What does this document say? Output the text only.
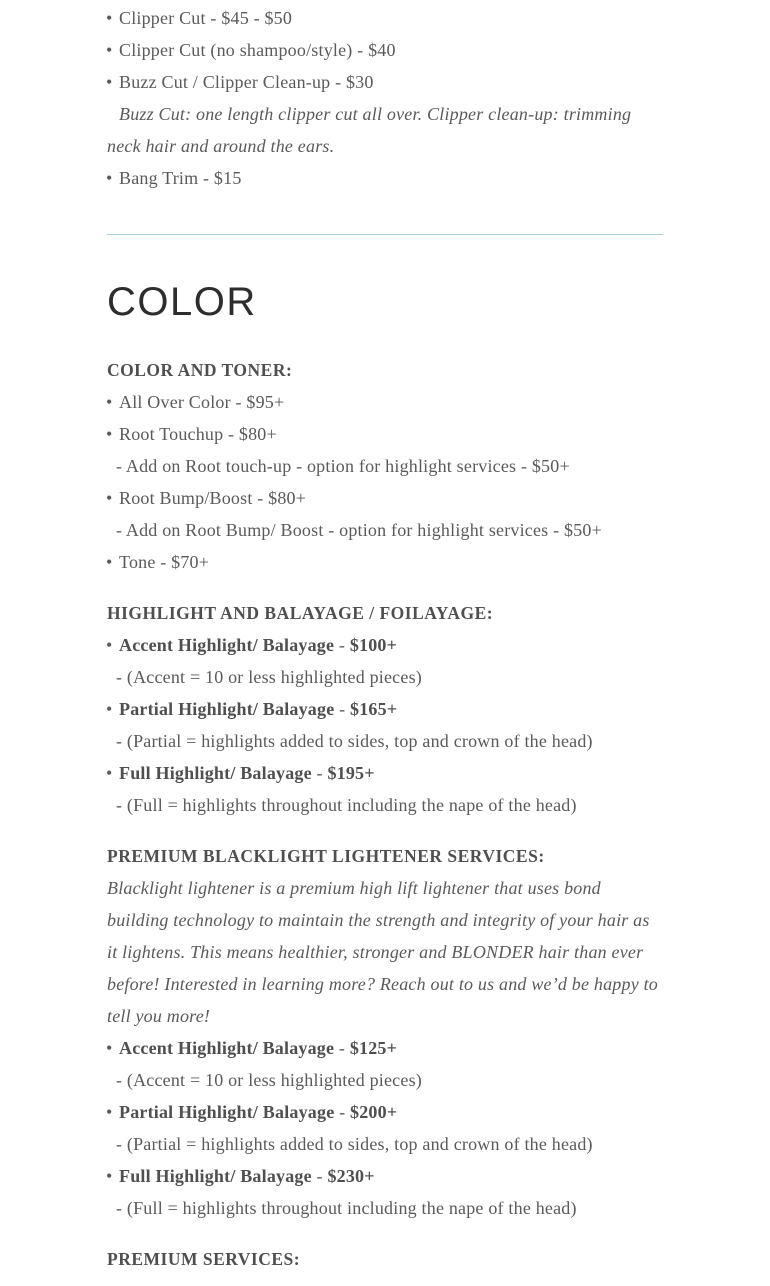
• Clipper Cut - $45 - $50
• Clipper Cut (no shampoo/style) - $40
• Buzz Cut / Clipper Clean-up - $30
Buzz Cut: one length clipper cut all over. Clipper clean-up: trimming neck hair and around the ears.
• Bang Trim - $15
COLOR
COLOR AND TONER:
• All Over Color - $95+
• Root Touchup - $80+
- Add on Root touch-up - option for highlight services - $50+
• Root Bump/Boost - $80+
- Add on Root Bump/ Boost - option for highlight services - $50+
• Tone - $70+
HIGHLIGHT AND BALAYAGE / FOILAYAGE:
• Accent Highlight/ Balayage - $100+
- (Accent = 10 or less highlighted pieces)
• Partial Highlight/ Balayage - $165+
- (Partial = highlights added to sides, top and crown of the head)
• Full Highlight/ Balayage - $195+
- (Full = highlights throughout including the nape of the head)
PREMIUM BLACKLIGHT LIGHTENER SERVICES:

Blacklight lightener is a premium high lift lightener that uses bond building technology to maintain the strength and integrity of your hair as it lightens. This means healthier, stronger and BLONDER hair than ever before! Interested in learning more? Reach out to us and we’d be happy to tell you more!

• Accent Highlight/ Balayage - $125+
- (Accent = 10 or less highlighted pieces)
• Partial Highlight/ Balayage - $200+
- (Partial = highlights added to sides, top and crown of the head)
• Full Highlight/ Balayage - $230+
- (Full = highlights throughout including the nape of the head)
PREMIUM SERVICES:
